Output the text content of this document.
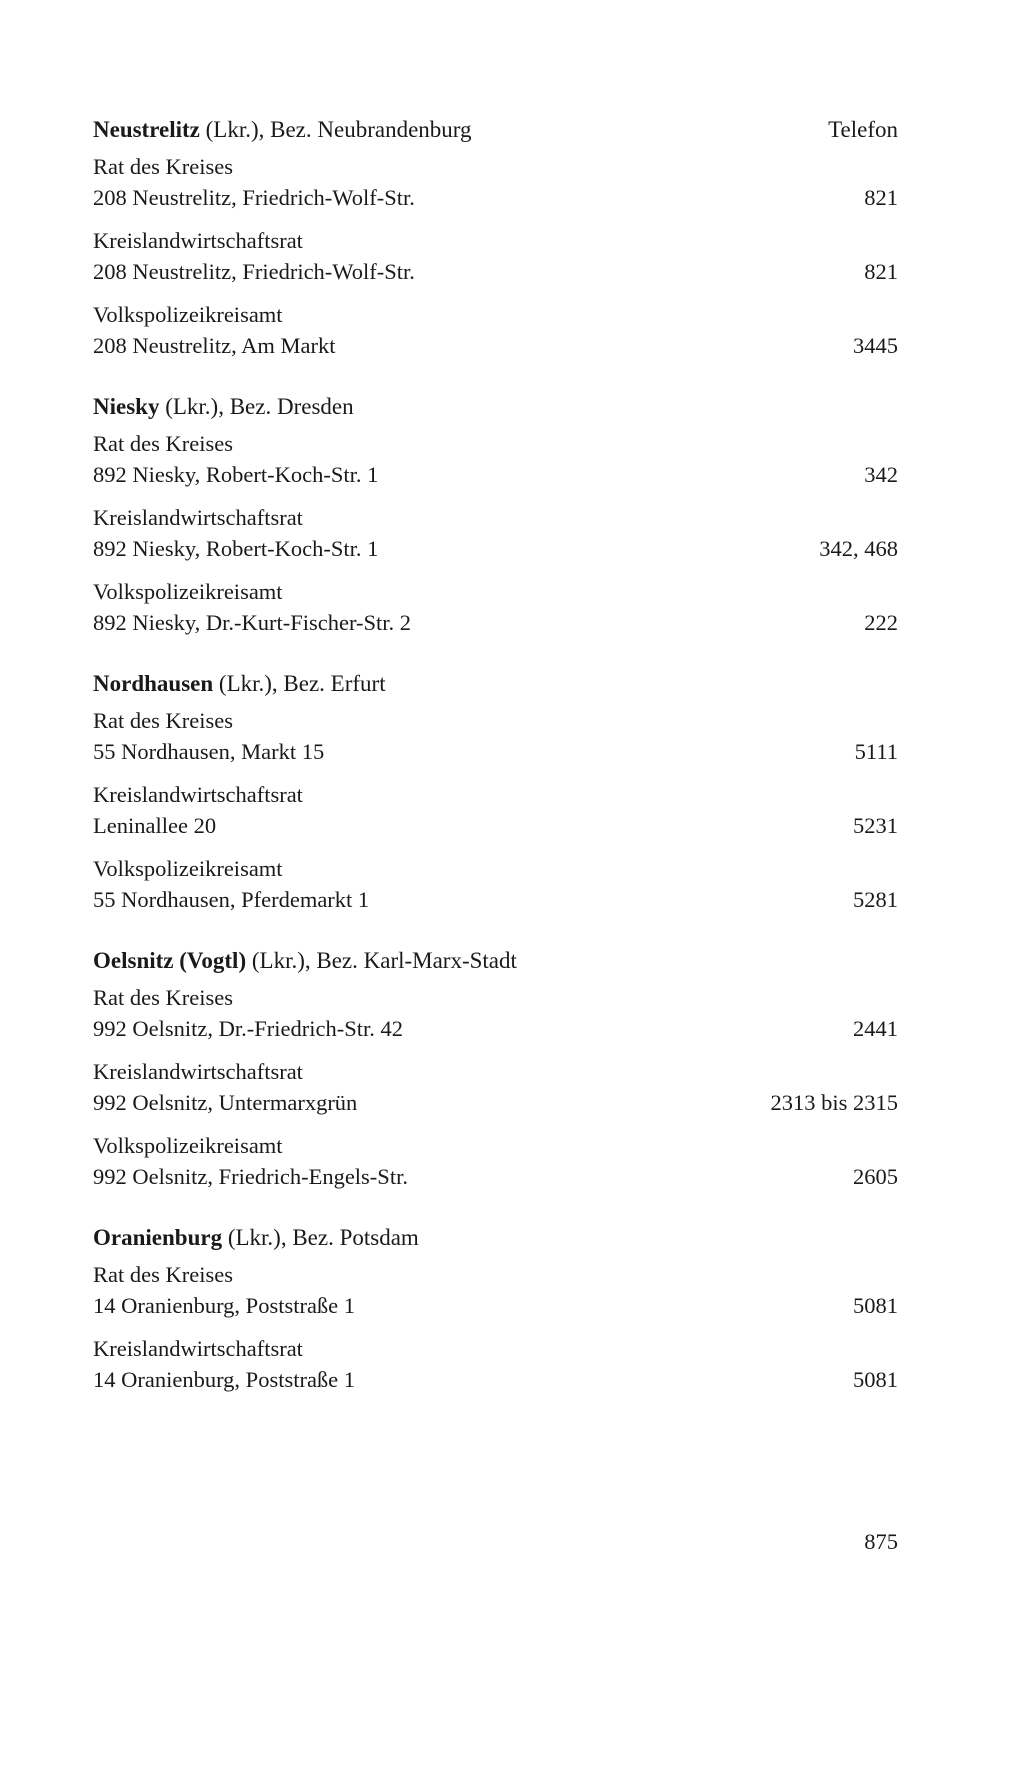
Neustrelitz (Lkr.), Bez. Neubrandenburg	Telefon
Rat des Kreises
208 Neustrelitz, Friedrich-Wolf-Str.	821
Kreislandwirtschaftsrat
208 Neustrelitz, Friedrich-Wolf-Str.	821
Volkspolizeikreisamt
208 Neustrelitz, Am Markt	3445
Niesky (Lkr.), Bez. Dresden
Rat des Kreises
892 Niesky, Robert-Koch-Str. 1	342
Kreislandwirtschaftsrat
892 Niesky, Robert-Koch-Str. 1	342, 468
Volkspolizeikreisamt
892 Niesky, Dr.-Kurt-Fischer-Str. 2	222
Nordhausen (Lkr.), Bez. Erfurt
Rat des Kreises
55 Nordhausen, Markt 15	5111
Kreislandwirtschaftsrat
Leninallee 20	5231
Volkspolizeikreisamt
55 Nordhausen, Pferdemarkt 1	5281
Oelsnitz (Vogtl) (Lkr.), Bez. Karl-Marx-Stadt
Rat des Kreises
992 Oelsnitz, Dr.-Friedrich-Str. 42	2441
Kreislandwirtschaftsrat
992 Oelsnitz, Untermarxgrün	2313 bis 2315
Volkspolizeikreisamt
992 Oelsnitz, Friedrich-Engels-Str.	2605
Oranienburg (Lkr.), Bez. Potsdam
Rat des Kreises
14 Oranienburg, Poststraße 1	5081
Kreislandwirtschaftsrat
14 Oranienburg, Poststraße 1	5081
875
